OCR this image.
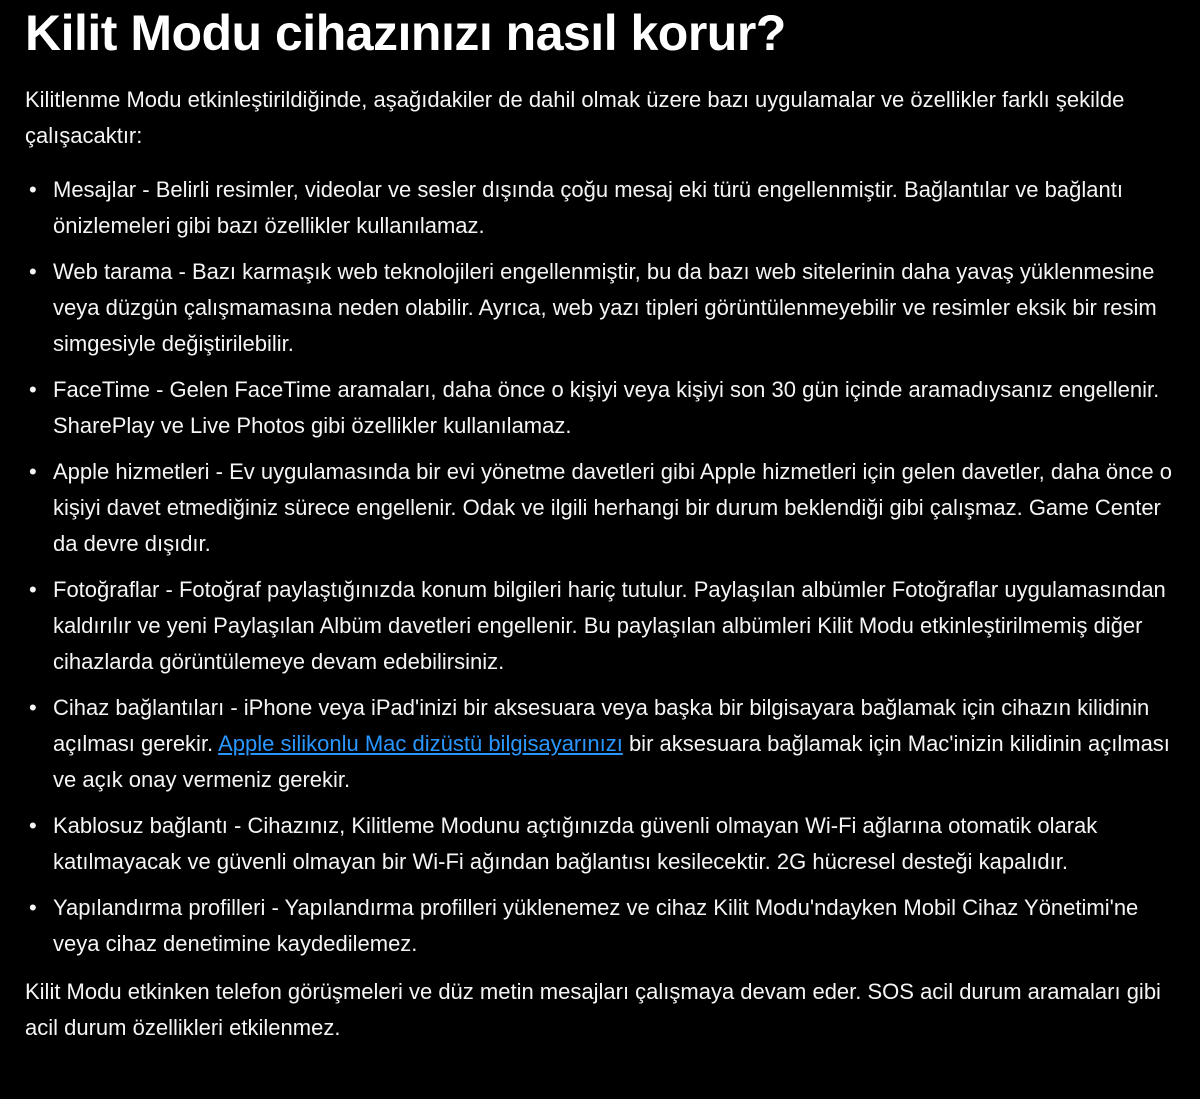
Kilit Modu cihazınızı nasıl korur?

Kilitlenme Modu etkinleştirildiğinde, aşağıdakiler de dahil olmak üzere bazı uygulamalar ve özellikler farklı şekilde çalışacaktır:

• Mesajlar - Belirli resimler, videolar ve sesler dışında çoğu mesaj eki türü engellenmiştir. Bağlantılar ve bağlantı önizlemeleri gibi bazı özellikler kullanılamaz.
• Web tarama - Bazı karmaşık web teknolojileri engellenmiştir, bu da bazı web sitelerinin daha yavaş yüklenmesine veya düzgün çalışmamasına neden olabilir. Ayrıca, web yazı tipleri görüntülenmeyebilir ve resimler eksik bir resim simgesiyle değiştirilebilir.
• FaceTime - Gelen FaceTime aramaları, daha önce o kişiyi veya kişiyi son 30 gün içinde aramadıysanız engellenir. SharePlay ve Live Photos gibi özellikler kullanılamaz.
• Apple hizmetleri - Ev uygulamasında bir evi yönetme davetleri gibi Apple hizmetleri için gelen davetler, daha önce o kişiyi davet etmediğiniz sürece engellenir. Odak ve ilgili herhangi bir durum beklendiği gibi çalışmaz. Game Center da devre dışıdır.
• Fotoğraflar - Fotoğraf paylaştığınızda konum bilgileri hariç tutulur. Paylaşılan albümler Fotoğraflar uygulamasından kaldırılır ve yeni Paylaşılan Albüm davetleri engellenir. Bu paylaşılan albümleri Kilit Modu etkinleştirilmemiş diğer cihazlarda görüntülemeye devam edebilirsiniz.
• Cihaz bağlantıları - iPhone veya iPad'inizi bir aksesuara veya başka bir bilgisayara bağlamak için cihazın kilidinin açılması gerekir. Apple silikonlu Mac dizüstü bilgisayarınızı bir aksesuara bağlamak için Mac'inizin kilidinin açılması ve açık onay vermeniz gerekir.
• Kablosuz bağlantı - Cihazınız, Kilitleme Modunu açtığınızda güvenli olmayan Wi-Fi ağlarına otomatik olarak katılmayacak ve güvenli olmayan bir Wi-Fi ağından bağlantısı kesilecektir. 2G hücresel desteği kapalıdır.
• Yapılandırma profilleri - Yapılandırma profilleri yüklenemez ve cihaz Kilit Modu'ndayken Mobil Cihaz Yönetimi'ne veya cihaz denetimine kaydedilemez.

Kilit Modu etkinken telefon görüşmeleri ve düz metin mesajları çalışmaya devam eder. SOS acil durum aramaları gibi acil durum özellikleri etkilenmez.
